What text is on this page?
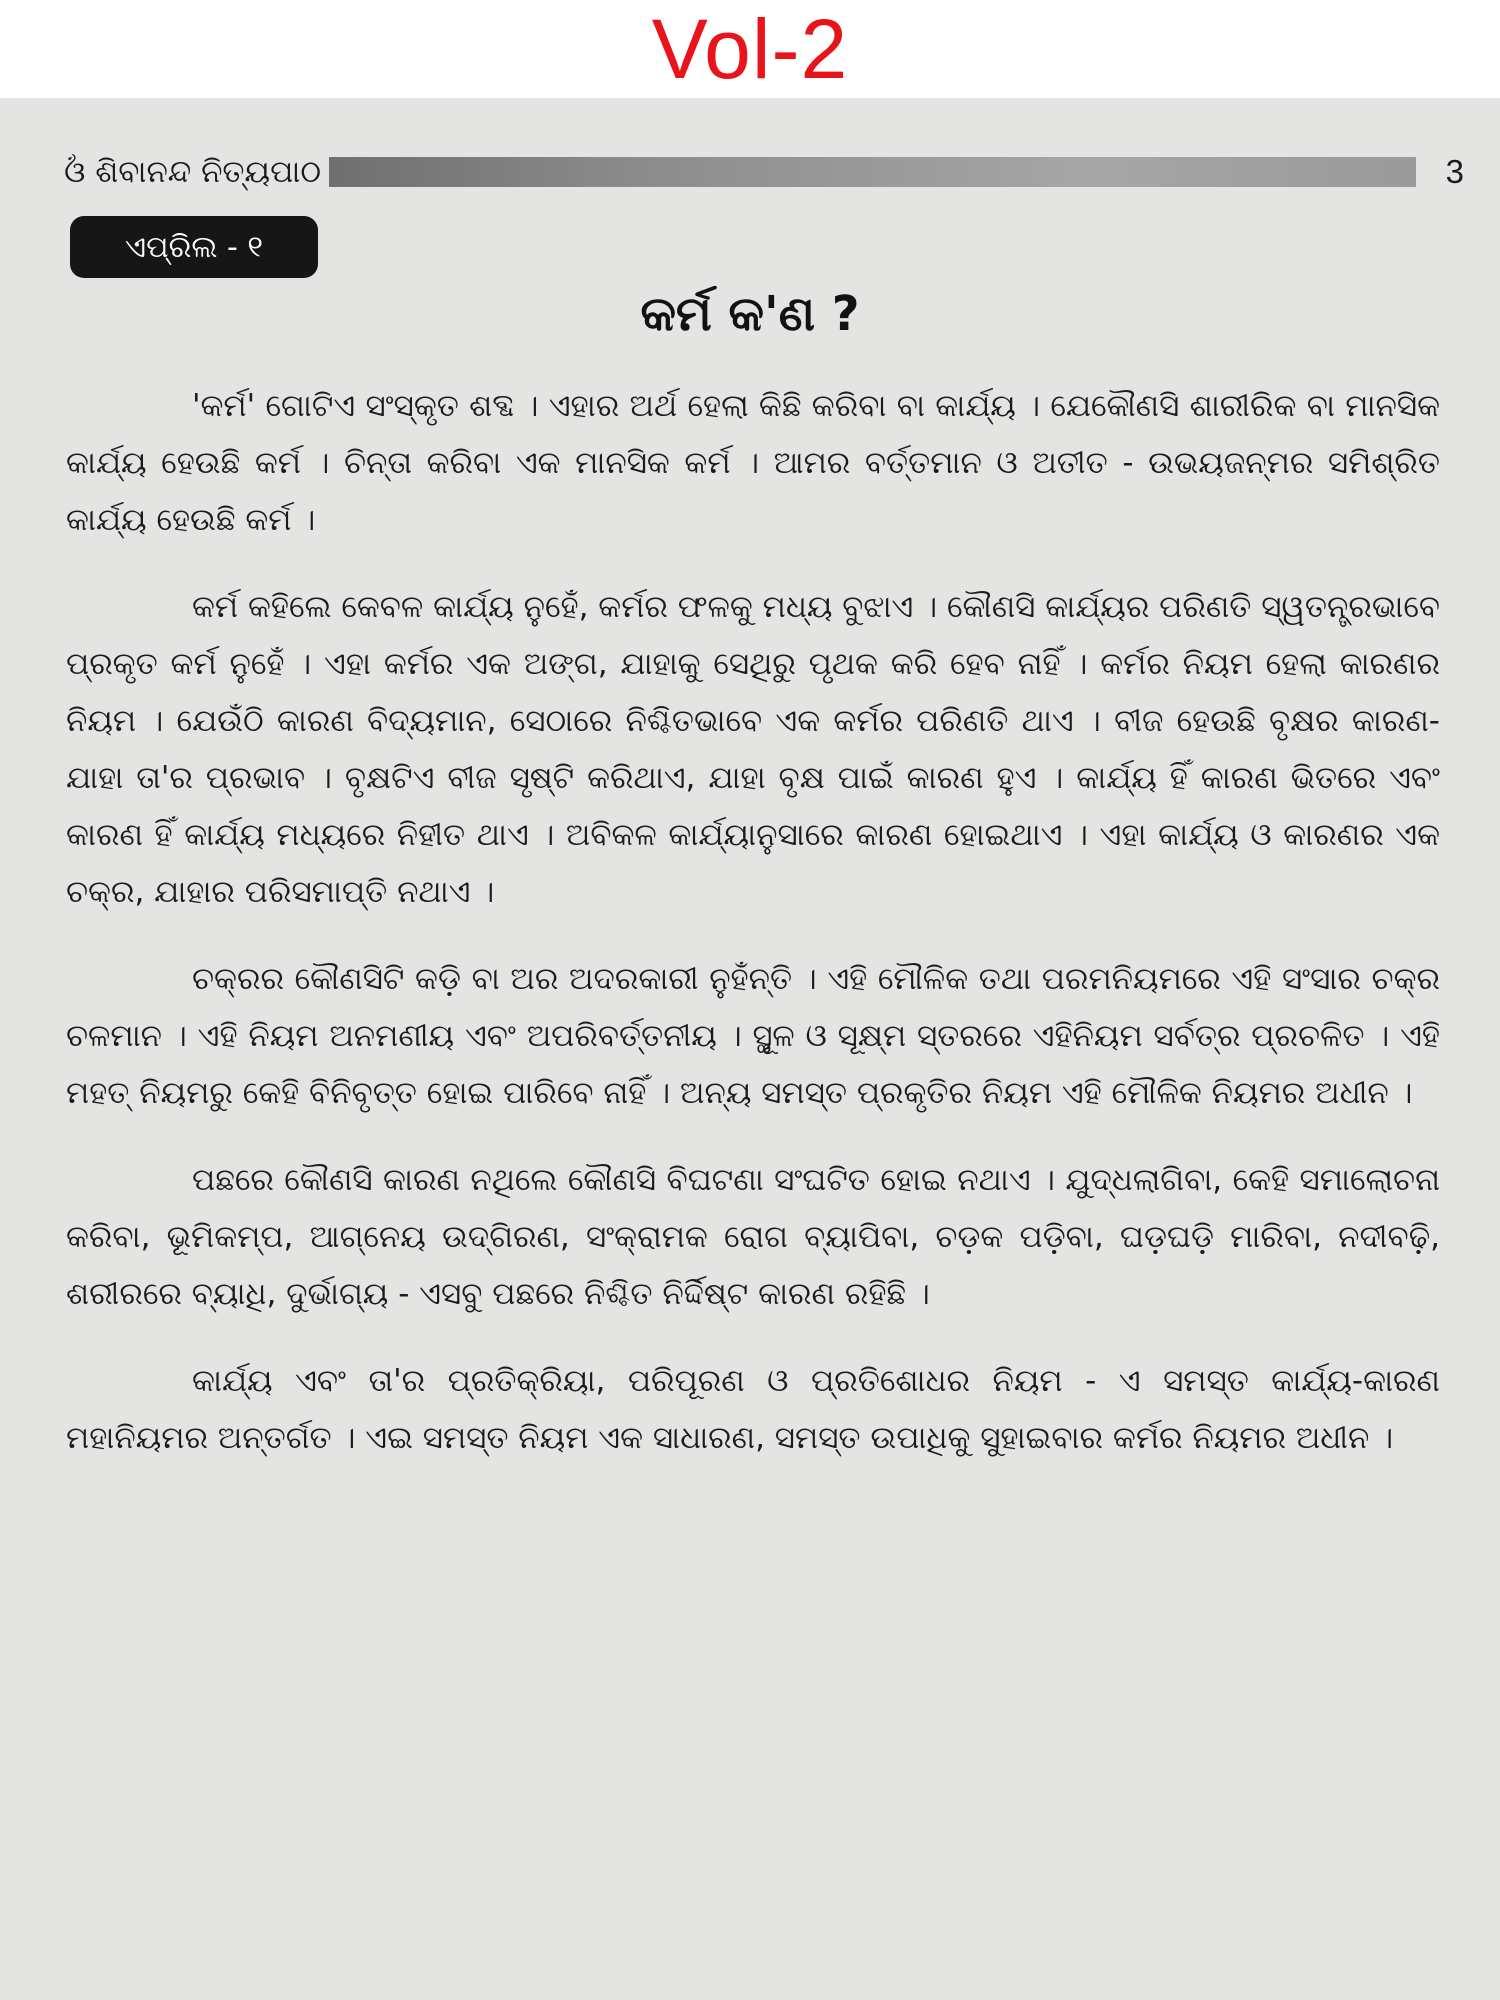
Vol-2
ଓଁ ଶିବାନନ୍ଦ ନିତ୍ୟପାଠ	3
ଏପ୍ରିଲ - ୧
କର୍ମ କ'ଣ ?

'କର୍ମ' ଗୋଟିଏ ସଂସ୍କୃତ ଶବ୍ଦ । ଏହାର ଅର୍ଥ ହେଲା କିଛି କରିବା ବା କାର୍ଯ୍ୟ । ଯେକୌଣସି ଶାରୀରିକ ବା ମାନସିକ କାର୍ଯ୍ୟ ହେଉଛି କର୍ମ । ଚିନ୍ତା କରିବା ଏକ ମାନସିକ କର୍ମ । ଆମର ବର୍ତ୍ତମାନ ଓ ଅତୀତ - ଉଭୟଜନ୍ମର ସମିଶ୍ରିତ କାର୍ଯ୍ୟ ହେଉଛି କର୍ମ ।

କର୍ମ କହିଲେ କେବଳ କାର୍ଯ୍ୟ ନୁହେଁ, କର୍ମର ଫଳକୁ ମଧ୍ୟ ବୁଝାଏ । କୌଣସି କାର୍ଯ୍ୟର ପରିଣତି ସ୍ୱତନ୍ତ୍ରଭାବେ ପ୍ରକୃତ କର୍ମ ନୁହେଁ । ଏହା କର୍ମର ଏକ ଅଙ୍ଗ, ଯାହାକୁ ସେଥିରୁ ପୃଥକ କରି ହେବ ନାହିଁ । କର୍ମର ନିୟମ ହେଲା କାରଣର ନିୟମ । ଯେଉଁଠି କାରଣ ବିଦ୍ୟମାନ, ସେଠାରେ ନିଶ୍ଚିତଭାବେ ଏକ କର୍ମର ପରିଣତି ଥାଏ । ବୀଜ ହେଉଛି ବୃକ୍ଷର କାରଣ- ଯାହା ତା'ର ପ୍ରଭାବ । ବୃକ୍ଷଟିଏ ବୀଜ ସୃଷ୍ଟି କରିଥାଏ, ଯାହା ବୃକ୍ଷ ପାଇଁ କାରଣ ହୁଏ । କାର୍ଯ୍ୟ ହିଁ କାରଣ ଭିତରେ ଏବଂ କାରଣ ହିଁ କାର୍ଯ୍ୟ ମଧ୍ୟରେ ନିହୀତ ଥାଏ । ଅବିକଳ କାର୍ଯ୍ୟାନୁସାରେ କାରଣ ହୋଇଥାଏ । ଏହା କାର୍ଯ୍ୟ ଓ କାରଣର ଏକ ଚକ୍ର, ଯାହାର ପରିସମାପ୍ତି ନଥାଏ ।

ଚକ୍ରର କୌଣସିଟି କଡ଼ି ବା ଅର ଅଦରକାରୀ ନୁହଁନ୍ତି । ଏହି ମୌଳିକ ତଥା ପରମନିୟମରେ ଏହି ସଂସାର ଚକ୍ର ଚଳମାନ । ଏହି ନିୟମ ଅନମଣୀୟ ଏବଂ ଅପରିବର୍ତ୍ତନୀୟ । ସ୍ଥୂଳ ଓ ସୂକ୍ଷ୍ମ ସ୍ତରରେ ଏହିନିୟମ ସର୍ବତ୍ର ପ୍ରଚଳିତ । ଏହି ମହତ୍ ନିୟମରୁ କେହି ବିନିବୃତ୍ତ ହୋଇ ପାରିବେ ନାହିଁ । ଅନ୍ୟ ସମସ୍ତ ପ୍ରକୃତିର ନିୟମ ଏହି ମୌଳିକ ନିୟମର ଅଧୀନ ।

ପଛରେ କୌଣସି କାରଣ ନଥିଲେ କୌଣସି ବିଘଟଣା ସଂଘଟିତ ହୋଇ ନଥାଏ । ଯୁଦ୍ଧଲାଗିବା, କେହି ସମାଲୋଚନା କରିବା, ଭୂମିକମ୍ପ, ଆଗ୍ନେୟ ଉଦ୍‌ଗିରଣ, ସଂକ୍ରାମକ ରୋଗ ବ୍ୟାପିବା, ଚଡ଼କ ପଡ଼ିବା, ଘଡ଼ଘଡ଼ି ମାରିବା, ନଦୀବଢ଼ି, ଶରୀରରେ ବ୍ୟାଧି, ଦୁର୍ଭାଗ୍ୟ - ଏସବୁ ପଛରେ ନିଶ୍ଚିତ ନିର୍ଦ୍ଦିଷ୍ଟ କାରଣ ରହିଛି ।

କାର୍ଯ୍ୟ ଏବଂ ତା'ର ପ୍ରତିକ୍ରିୟା, ପରିପୂରଣ ଓ ପ୍ରତିଶୋଧର ନିୟମ - ଏ ସମସ୍ତ କାର୍ଯ୍ୟ-କାରଣ ମହାନିୟମର ଅନ୍ତର୍ଗତ । ଏଇ ସମସ୍ତ ନିୟମ ଏକ ସାଧାରଣ, ସମସ୍ତ ଉପାଧିକୁ ସୁହାଇବାର କର୍ମର ନିୟମର ଅଧୀନ ।
